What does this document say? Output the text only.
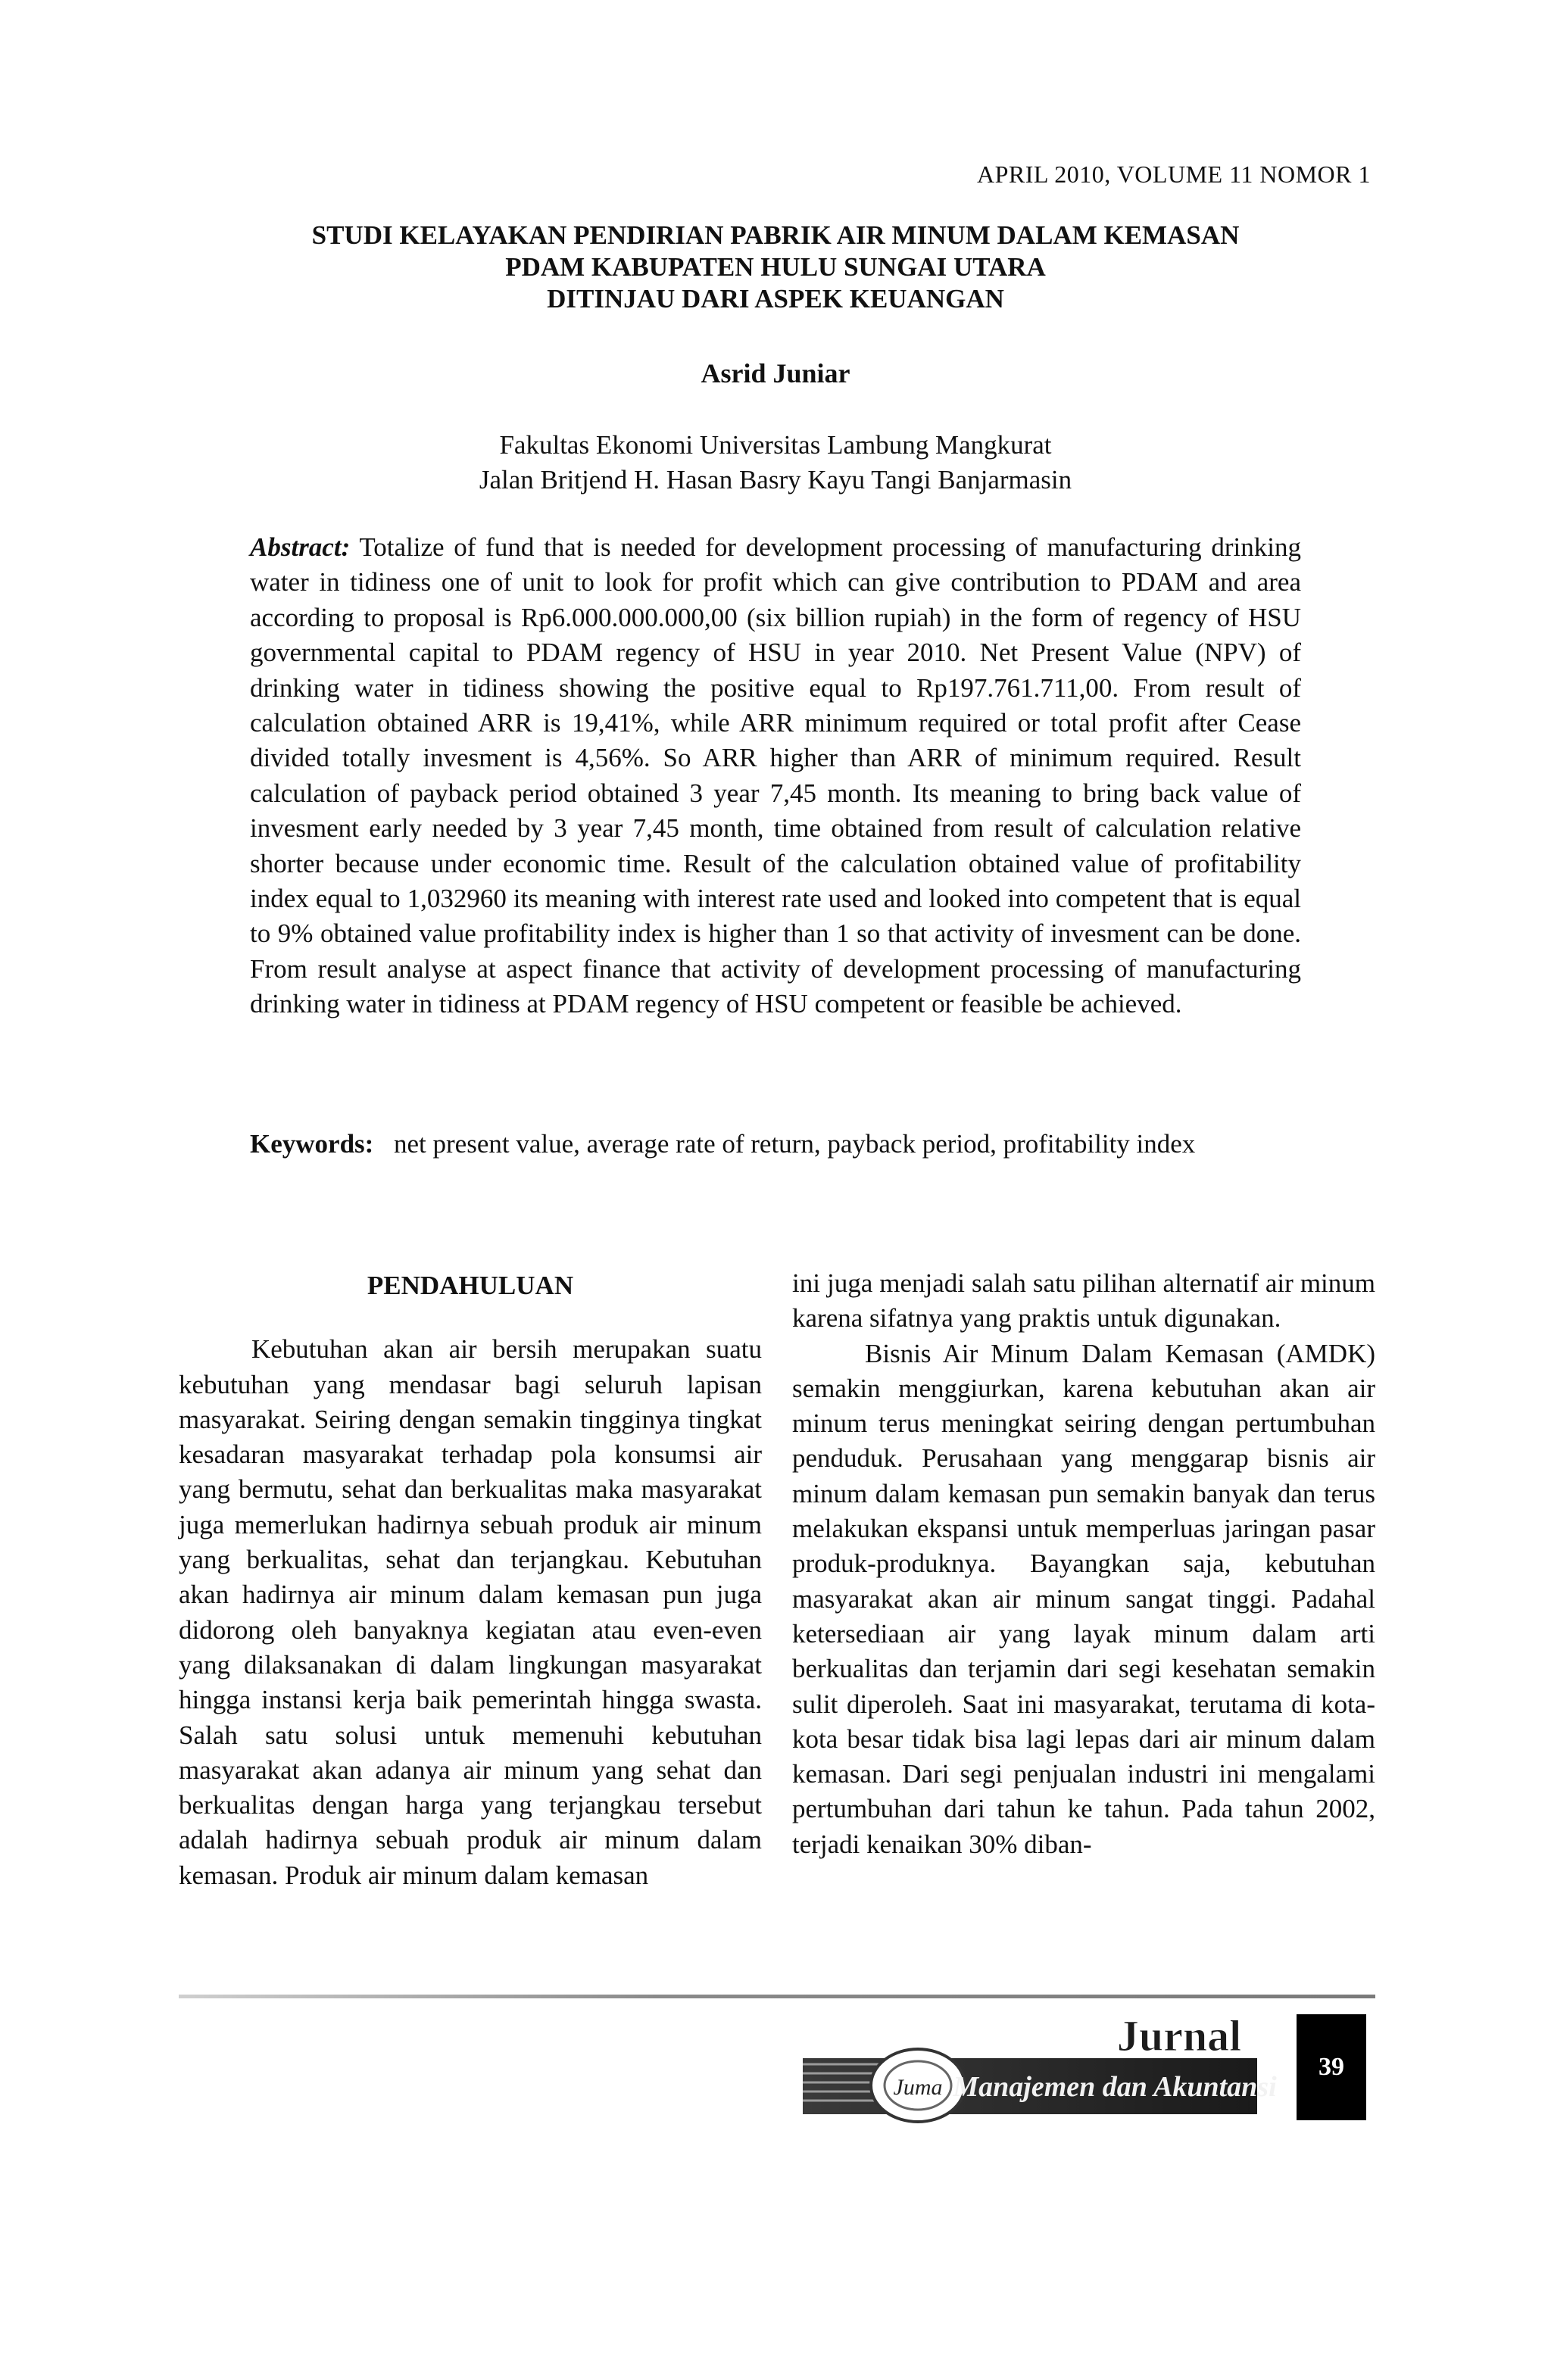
APRIL 2010, VOLUME 11 NOMOR 1
STUDI KELAYAKAN PENDIRIAN PABRIK AIR MINUM DALAM KEMASAN
PDAM KABUPATEN HULU SUNGAI UTARA
DITINJAU DARI ASPEK KEUANGAN
Asrid Juniar
Fakultas Ekonomi Universitas Lambung Mangkurat
Jalan Britjend H. Hasan Basry Kayu Tangi Banjarmasin
Abstract: Totalize of fund that is needed for development processing of manufacturing drinking water in tidiness one of unit to look for profit which can give contribution to PDAM and area according to proposal is Rp6.000.000.000,00 (six billion rupiah) in the form of regency of HSU governmental capital to PDAM regency of HSU in year 2010. Net Present Value (NPV) of drinking water in tidiness showing the positive equal to Rp197.761.711,00. From result of calculation obtained ARR is 19,41%, while ARR minimum required or total profit after Cease divided totally invesment is 4,56%. So ARR higher than ARR of minimum required. Result calculation of payback period obtained 3 year 7,45 month. Its meaning to bring back value of invesment early needed by 3 year 7,45 month, time obtained from result of calculation relative shorter because under economic time. Result of the calculation obtained value of profitability index equal to 1,032960 its meaning with interest rate used and looked into competent that is equal to 9% obtained value profitability index is higher than 1 so that activity of invesment can be done. From result analyse at aspect finance that activity of development processing of manufacturing drinking water in tidiness at PDAM regency of HSU competent or feasible be achieved.
Keywords: net present value, average rate of return, payback period, profitability index
PENDAHULUAN

Kebutuhan akan air bersih merupakan suatu kebutuhan yang mendasar bagi seluruh lapisan masyarakat. Seiring dengan semakin tingginya tingkat kesadaran masyarakat terhadap pola konsumsi air yang bermutu, sehat dan berkualitas maka masyarakat juga memerlukan hadirnya sebuah produk air minum yang berkualitas, sehat dan terjangkau. Kebutuhan akan hadirnya air minum dalam kemasan pun juga didorong oleh banyaknya kegiatan atau even-even yang dilaksanakan di dalam lingkungan masyarakat hingga instansi kerja baik pemerintah hingga swasta. Salah satu solusi untuk memenuhi kebutuhan masyarakat akan adanya air minum yang sehat dan berkualitas dengan harga yang terjangkau tersebut adalah hadirnya sebuah produk air minum dalam kemasan. Produk air minum dalam kemasan

ini juga menjadi salah satu pilihan alternatif air minum karena sifatnya yang praktis untuk digunakan.

Bisnis Air Minum Dalam Kemasan (AMDK) semakin menggiurkan, karena kebutuhan akan air minum terus meningkat seiring dengan pertumbuhan penduduk. Perusahaan yang menggarap bisnis air minum dalam kemasan pun semakin banyak dan terus melakukan ekspansi untuk memperluas jaringan pasar produk-produknya. Bayangkan saja, kebutuhan masyarakat akan air minum sangat tinggi. Padahal ketersediaan air yang layak minum dalam arti berkualitas dan terjamin dari segi kesehatan semakin sulit diperoleh. Saat ini masyarakat, terutama di kota-kota besar tidak bisa lagi lepas dari air minum dalam kemasan. Dari segi penjualan industri ini mengalami pertumbuhan dari tahun ke tahun. Pada tahun 2002, terjadi kenaikan 30% diban-

Juma
Jurnal
Manajemen dan Akuntansi
39
